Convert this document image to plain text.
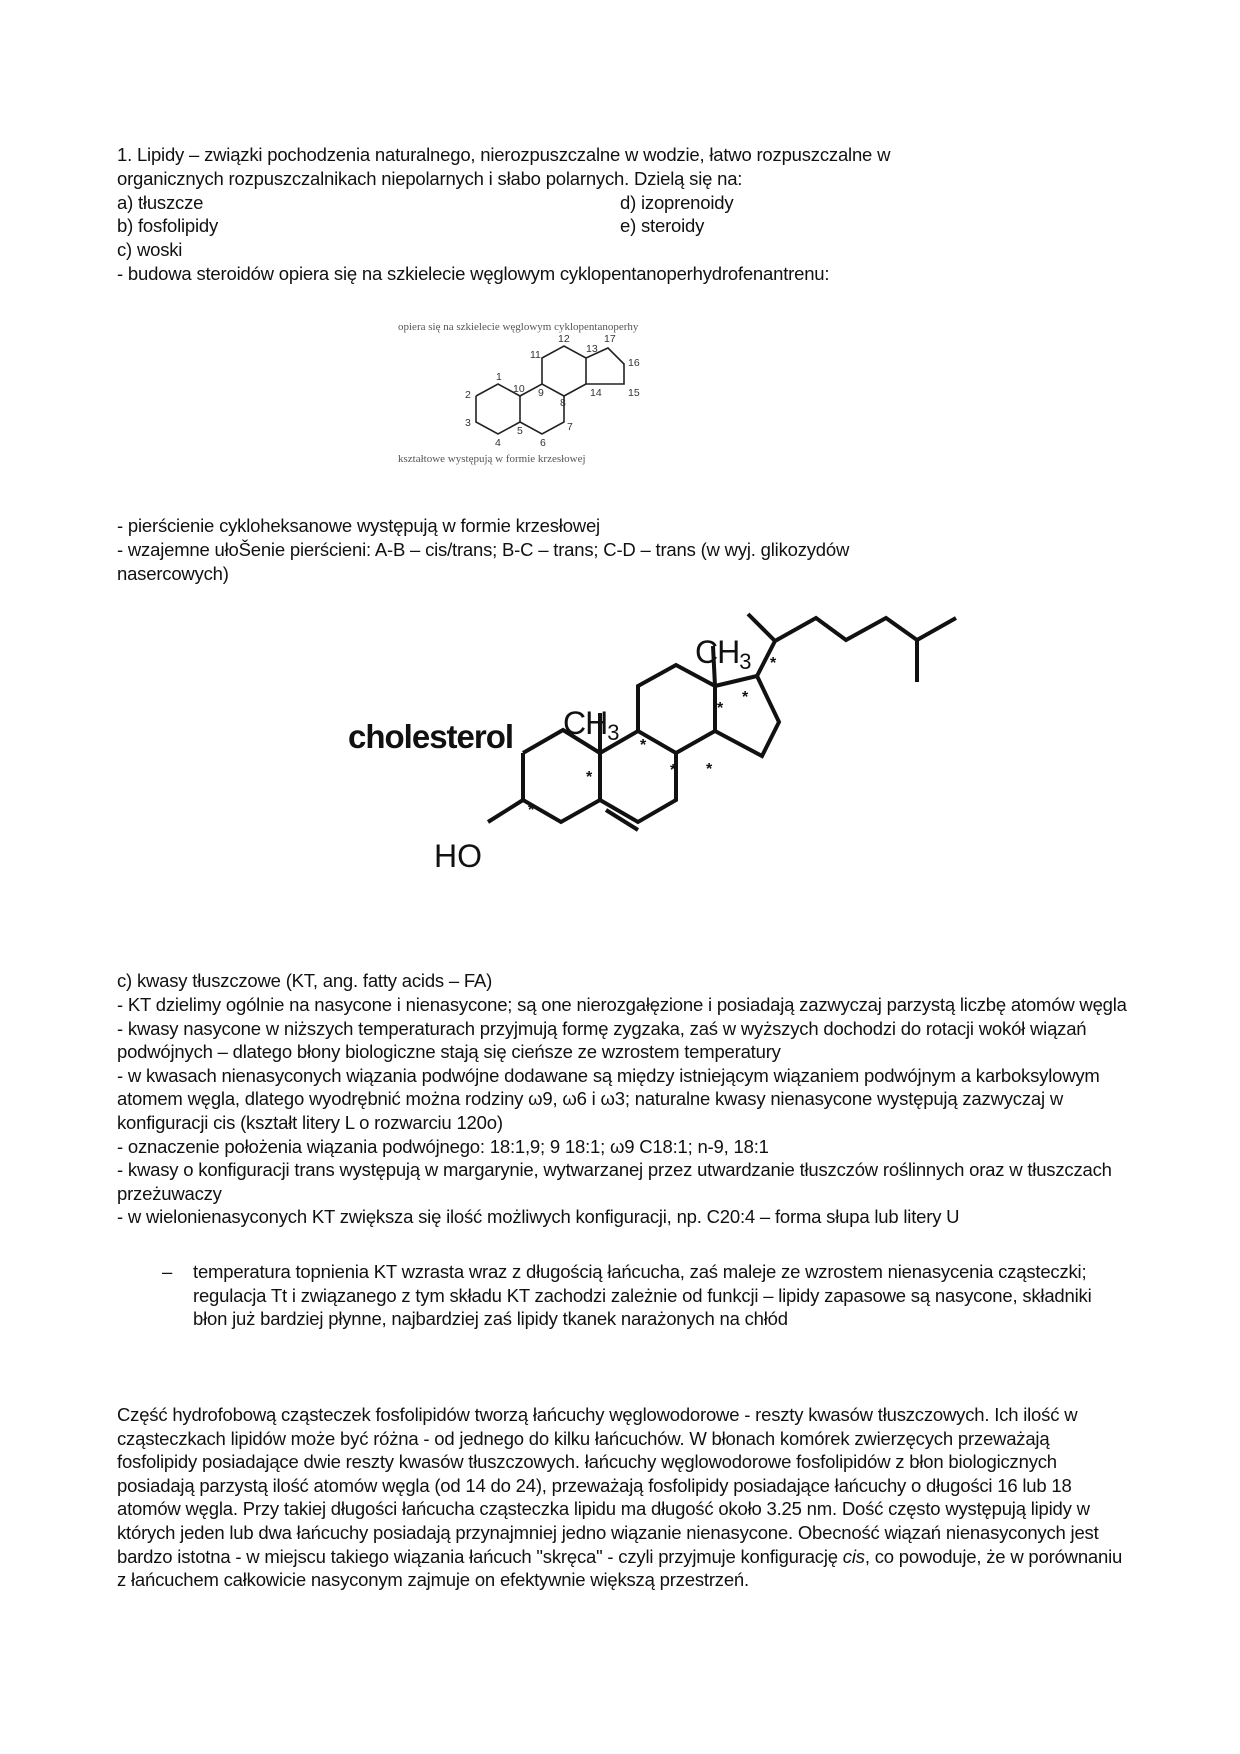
1. Lipidy – związki pochodzenia naturalnego, nierozpuszczalne w wodzie, łatwo rozpuszczalne w
organicznych rozpuszczalnikach niepolarnych i słabo polarnych. Dzielą się na:
a) tłuszcze	d) izoprenoidy
b) fosfolipidy	e) steroidy
c) woski
- budowa steroidów opiera się na szkielecie węglowym cyklopentanoperhydrofenantrenu:
opiera się na szkielecie węglowym cyklopentanoperhy
1
2
3
4
5
6
7
8
9
10
11
12
13
14	15
16
17
kształtowe występują w formie krzesłowej
- pierścienie cykloheksanowe występują w formie krzesłowej
- wzajemne ułoŠenie pierścieni: A-B – cis/trans; B-C – trans; C-D – trans (w wyj. glikozydów
nasercowych)
cholesterol $CH_3$
$CH_3$
HO
*
*
*
* *
*
*
*
c) kwasy tłuszczowe (KT, ang. fatty acids – FA)

- KT dzielimy ogólnie na nasycone i nienasycone; są one nierozgałęzione i posiadają zazwyczaj parzystą liczbę atomów węgla

- kwasy nasycone w niższych temperaturach przyjmują formę zygzaka, zaś w wyższych dochodzi do rotacji wokół wiązań podwójnych – dlatego błony biologiczne stają się cieńsze ze wzrostem temperatury

- w kwasach nienasyconych wiązania podwójne dodawane są między istniejącym wiązaniem podwójnym a karboksylowym atomem węgla, dlatego wyodrębnić można rodziny ω9, ω6 i ω3; naturalne kwasy nienasycone występują zazwyczaj w konfiguracji cis (kształt litery L o rozwarciu 120o)

- oznaczenie położenia wiązania podwójnego: 18:1,9; 9 18:1; ω9 C18:1; n-9, 18:1

- kwasy o konfiguracji trans występują w margarynie, wytwarzanej przez utwardzanie tłuszczów roślinnych oraz w tłuszczach przeżuwaczy

- w wielonienasyconych KT zwiększa się ilość możliwych konfiguracji, np. C20:4 – forma słupa lub litery U

– temperatura topnienia KT wzrasta wraz z długością łańcucha, zaś maleje ze wzrostem nienasycenia cząsteczki; regulacja Tt i związanego z tym składu KT zachodzi zależnie od funkcji – lipidy zapasowe są nasycone, składniki błon już bardziej płynne, najbardziej zaś lipidy tkanek narażonych na chłód

Część hydrofobową cząsteczek fosfolipidów tworzą łańcuchy węglowodorowe - reszty kwasów tłuszczowych. Ich ilość w cząsteczkach lipidów może być różna - od jednego do kilku łańcuchów. W błonach komórek zwierzęcych przeważają fosfolipidy posiadające dwie reszty kwasów tłuszczowych. łańcuchy węglowodorowe fosfolipidów z błon biologicznych posiadają parzystą ilość atomów węgla (od 14 do 24), przeważają fosfolipidy posiadające łańcuchy o długości 16 lub 18 atomów węgla. Przy takiej długości łańcucha cząsteczka lipidu ma długość około 3.25 nm. Dość często występują lipidy w których jeden lub dwa łańcuchy posiadają przynajmniej jedno wiązanie nienasycone. Obecność wiązań nienasyconych jest bardzo istotna - w miejscu takiego wiązania łańcuch "skręca" - czyli przyjmuje konfigurację cis, co powoduje, że w porównaniu z łańcuchem całkowicie nasyconym zajmuje on efektywnie większą przestrzeń.
